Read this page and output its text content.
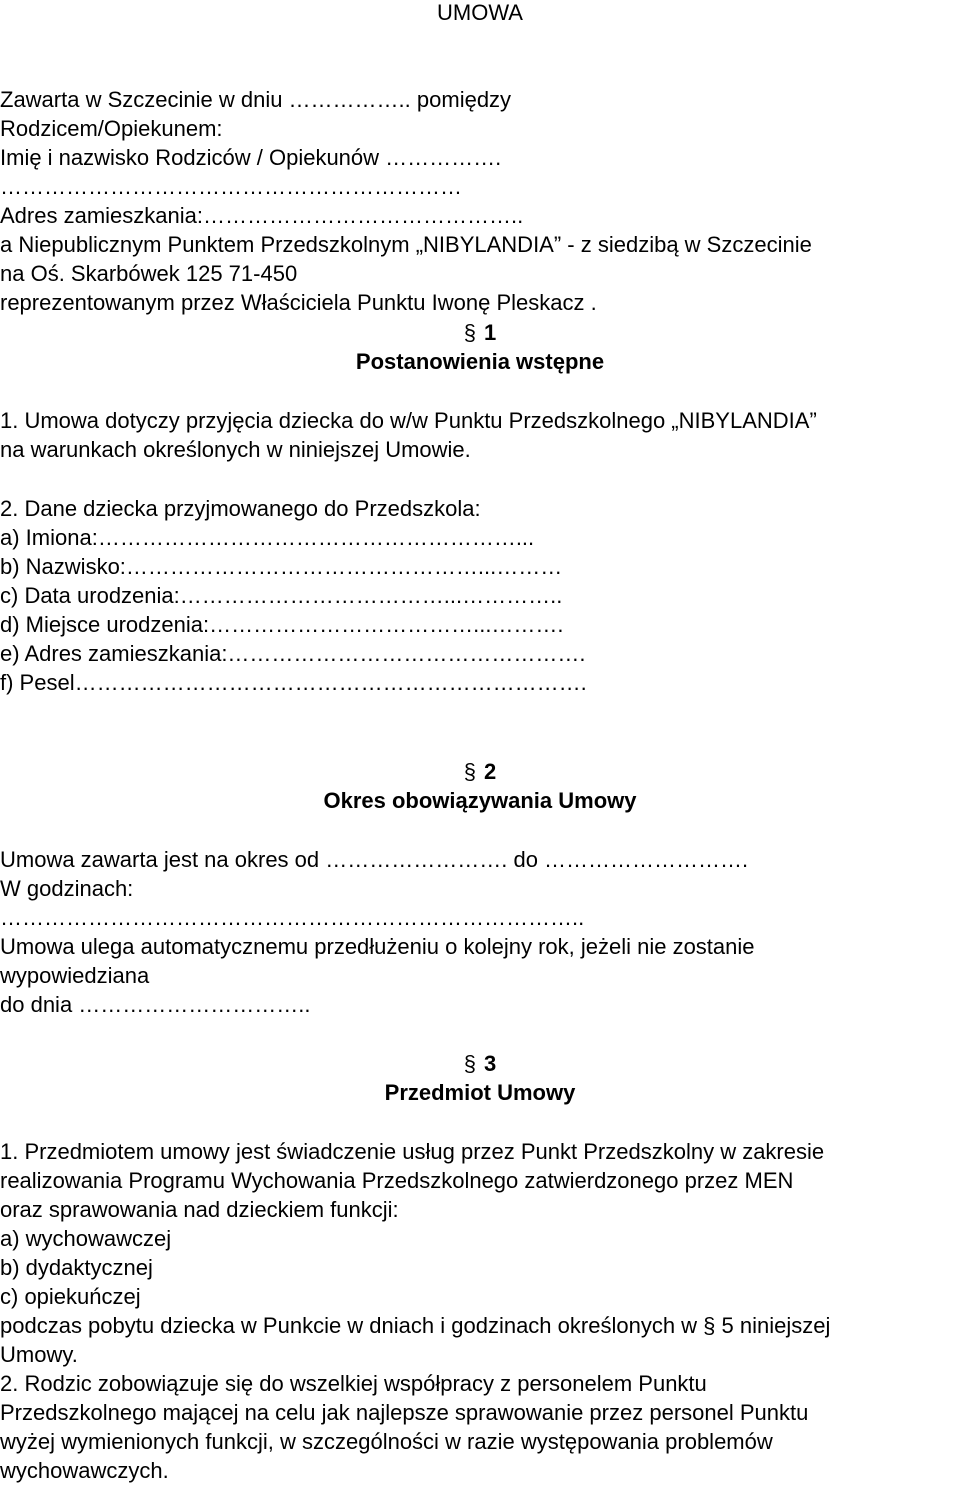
UMOWA
Zawarta w Szczecinie w dniu …………….. pomiędzy
Rodzicem/Opiekunem:
Imię i nazwisko Rodziców / Opiekunów …………….
………………………………………………………
Adres zamieszkania:……………………………………..
a Niepublicznym Punktem Przedszkolnym „NIBYLANDIA” - z siedzibą w Szczecinie
na Oś. Skarbówek 125 71-450
reprezentowanym przez Właściciela Punktu Iwonę Pleskacz .
§ 1
Postanowienia wstępne
1. Umowa dotyczy przyjęcia dziecka do w/w Punktu Przedszkolnego „NIBYLANDIA”
na warunkach określonych w niniejszej Umowie.
2. Dane dziecka przyjmowanego do Przedszkola:
a) Imiona:…………………………………………………...
b) Nazwisko:…………………………………………...………
c) Data urodzenia:………………………………...…………..
d) Miejsce urodzenia:………………………………...……….
e) Adres zamieszkania:………………………………………….
f) Pesel…………………………………………………………….
§ 2
Okres obowiązywania Umowy
Umowa zawarta jest na okres od ……………………. do ……………………….
W godzinach:
……………………………………………………………………..
Umowa ulega automatycznemu przedłużeniu o kolejny rok, jeżeli nie zostanie
wypowiedziana
do dnia …………………………..
§ 3
Przedmiot Umowy
1. Przedmiotem umowy jest świadczenie usług przez Punkt Przedszkolny w zakresie
realizowania Programu Wychowania Przedszkolnego zatwierdzonego przez MEN
oraz sprawowania nad dzieckiem funkcji:
a) wychowawczej
b) dydaktycznej
c) opiekuńczej
podczas pobytu dziecka w Punkcie w dniach i godzinach określonych w § 5 niniejszej
Umowy.
2. Rodzic zobowiązuje się do wszelkiej współpracy z personelem Punktu
Przedszkolnego mającej na celu jak najlepsze sprawowanie przez personel Punktu
wyżej wymienionych funkcji, w szczególności w razie występowania problemów
wychowawczych.
